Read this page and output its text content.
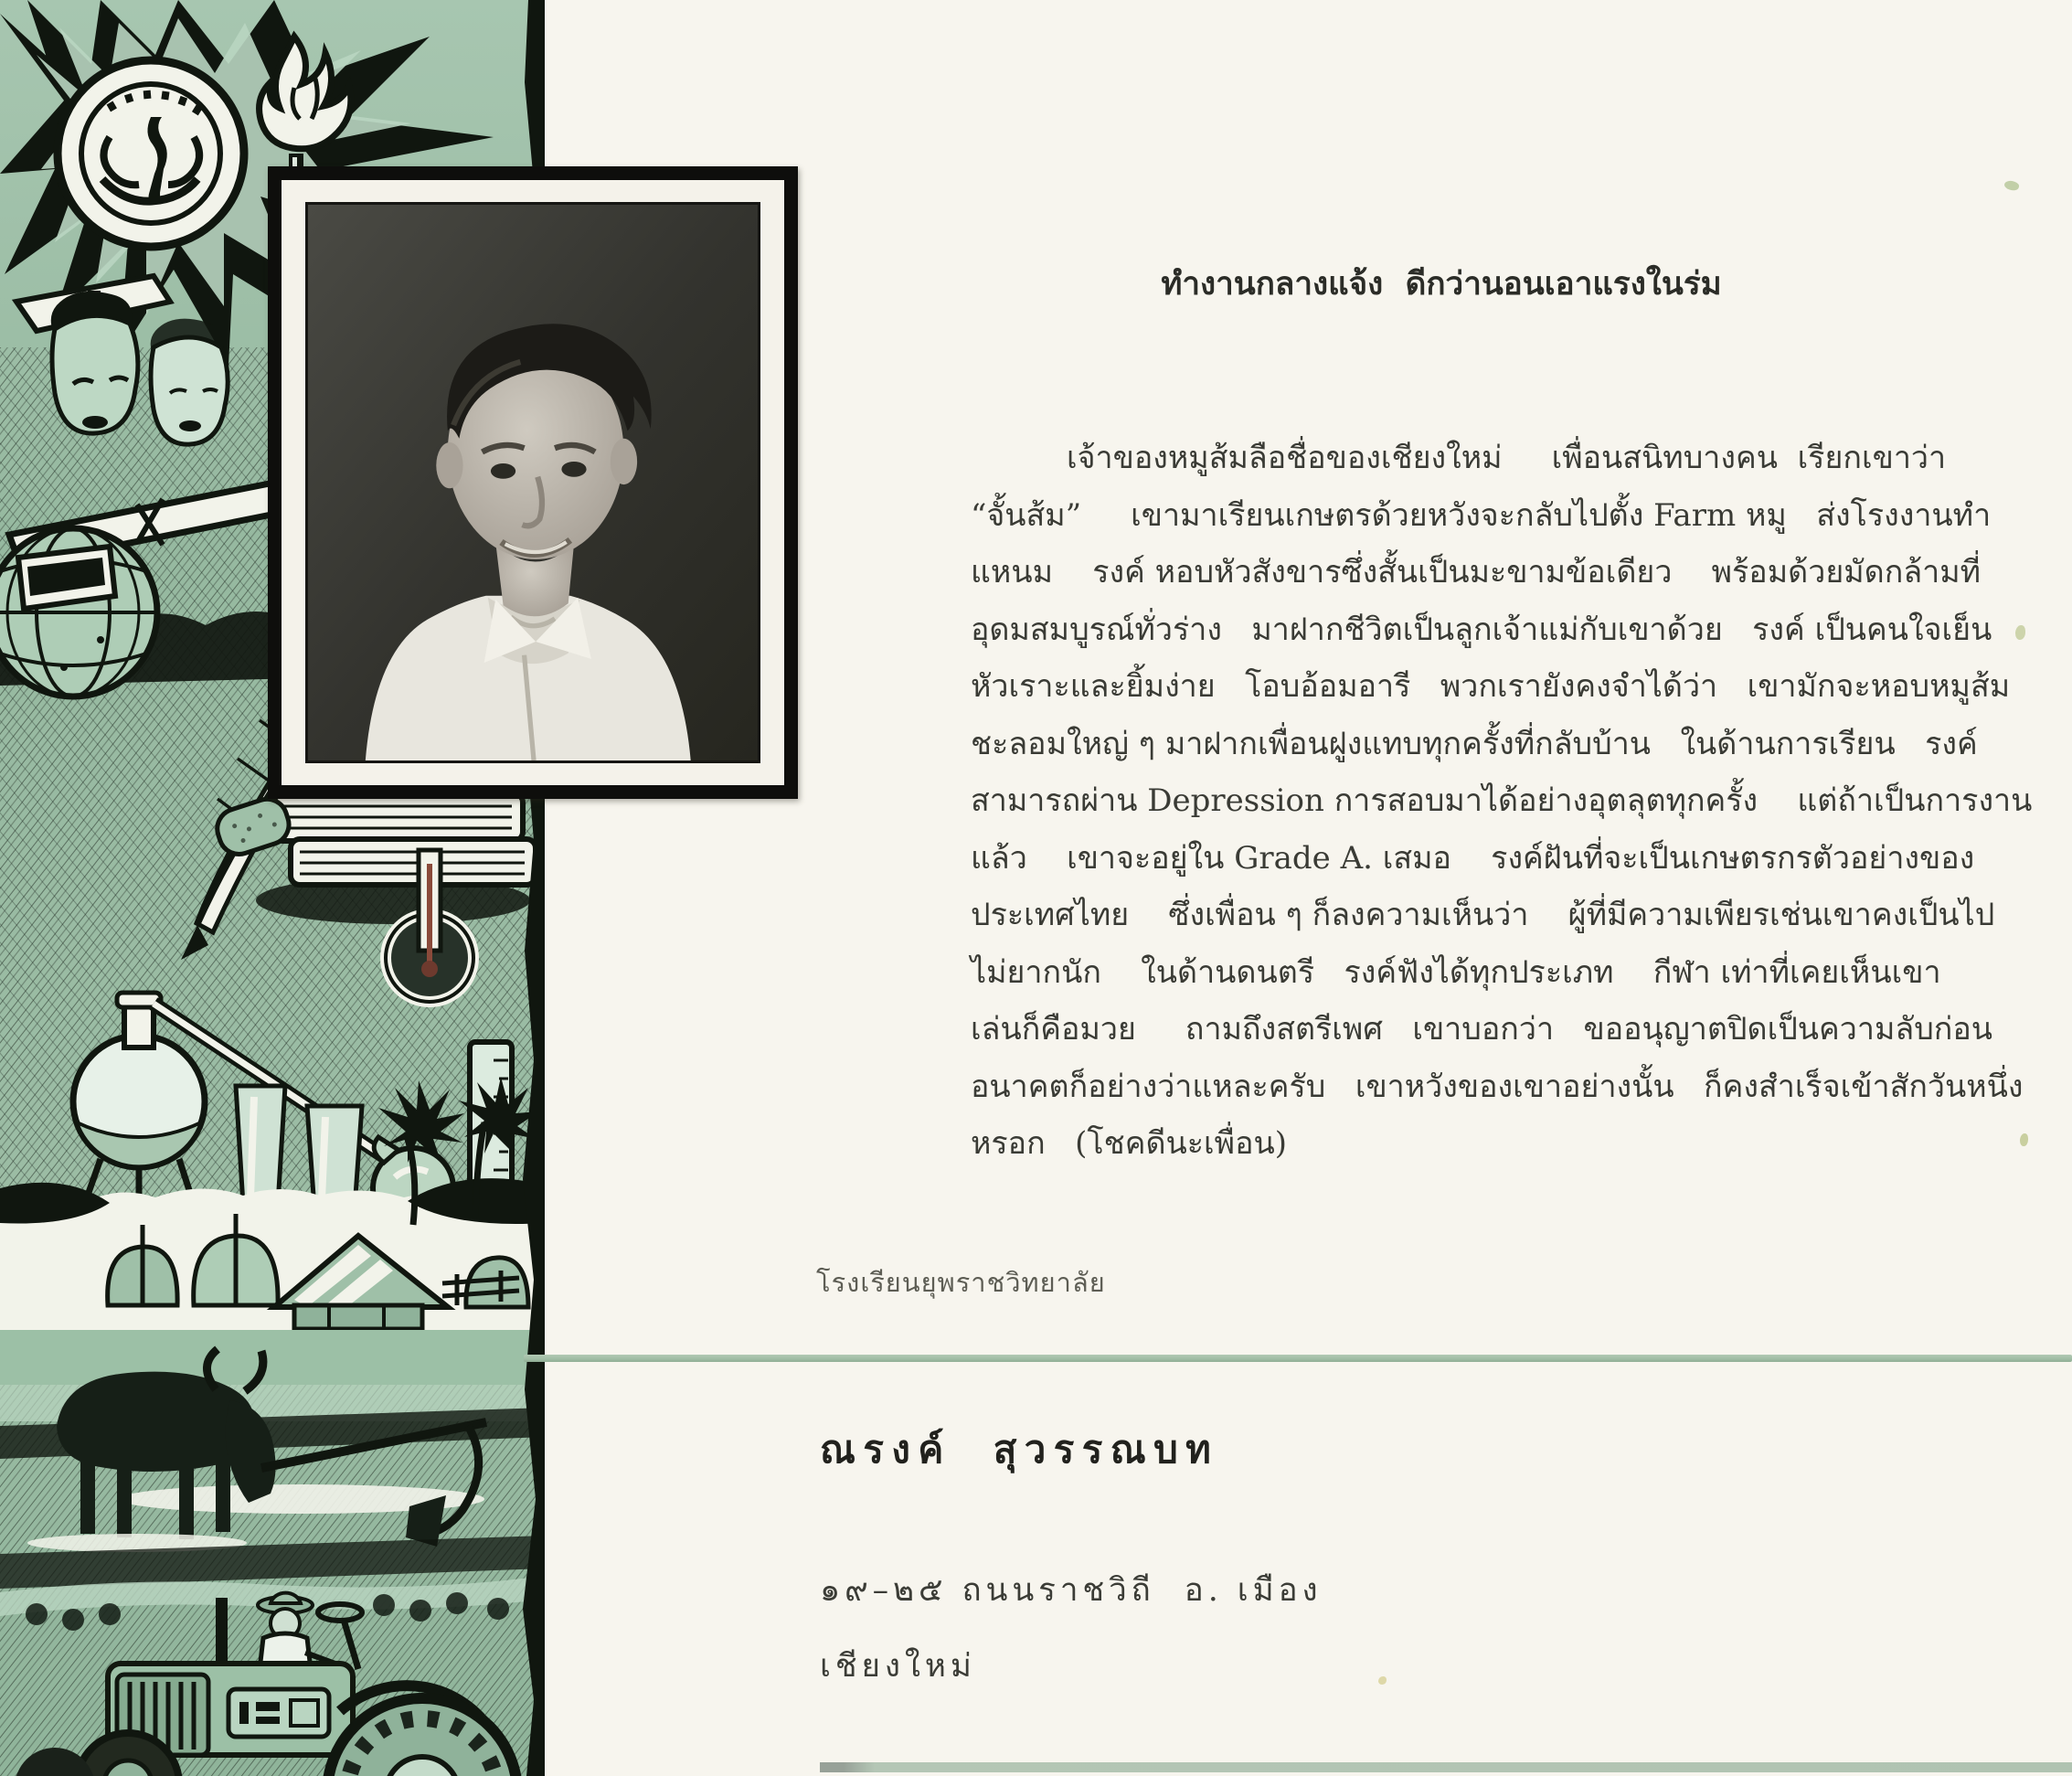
ทำงานกลางแจ้ง  ดีกว่านอนเอาแรงในร่ม
เจ้าของหมูส้มลือชื่อของเชียงใหม่     เพื่อนสนิทบางคน  เรียกเขาว่า
“จั้นส้ม”     เขามาเรียนเกษตรด้วยหวังจะกลับไปตั้ง Farm หมู   ส่งโรงงานทำ
แหนม    รงค์ หอบหัวสังขารซึ่งสั้นเป็นมะขามข้อเดียว    พร้อมด้วยมัดกล้ามที่
อุดมสมบูรณ์ทั่วร่าง   มาฝากชีวิตเป็นลูกเจ้าแม่กับเขาด้วย   รงค์ เป็นคนใจเย็น
หัวเราะและยิ้มง่าย   โอบอ้อมอารี   พวกเรายังคงจำได้ว่า   เขามักจะหอบหมูส้ม
ชะลอมใหญ่ ๆ มาฝากเพื่อนฝูงแทบทุกครั้งที่กลับบ้าน   ในด้านการเรียน   รงค์
สามารถผ่าน Depression การสอบมาได้อย่างอุตลุตทุกครั้ง    แต่ถ้าเป็นการงาน
แล้ว    เขาจะอยู่ใน Grade A. เสมอ    รงค์ฝันที่จะเป็นเกษตรกรตัวอย่างของ
ประเทศไทย    ซึ่งเพื่อน ๆ ก็ลงความเห็นว่า    ผู้ที่มีความเพียรเช่นเขาคงเป็นไป
ไม่ยากนัก    ในด้านดนตรี   รงค์ฟังได้ทุกประเภท    กีฬา เท่าที่เคยเห็นเขา
เล่นก็คือมวย     ถามถึงสตรีเพศ   เขาบอกว่า   ขออนุญาตปิดเป็นความลับก่อน
อนาคตก็อย่างว่าแหละครับ   เขาหวังของเขาอย่างนั้น   ก็คงสำเร็จเข้าสักวันหนึ่ง
หรอก   (โชคดีนะเพื่อน)
โรงเรียนยุพราชวิทยาลัย
ณรงค์  สุวรรณบท
๑๙–๒๕ ถนนราชวิถี  อ. เมือง
เชียงใหม่
